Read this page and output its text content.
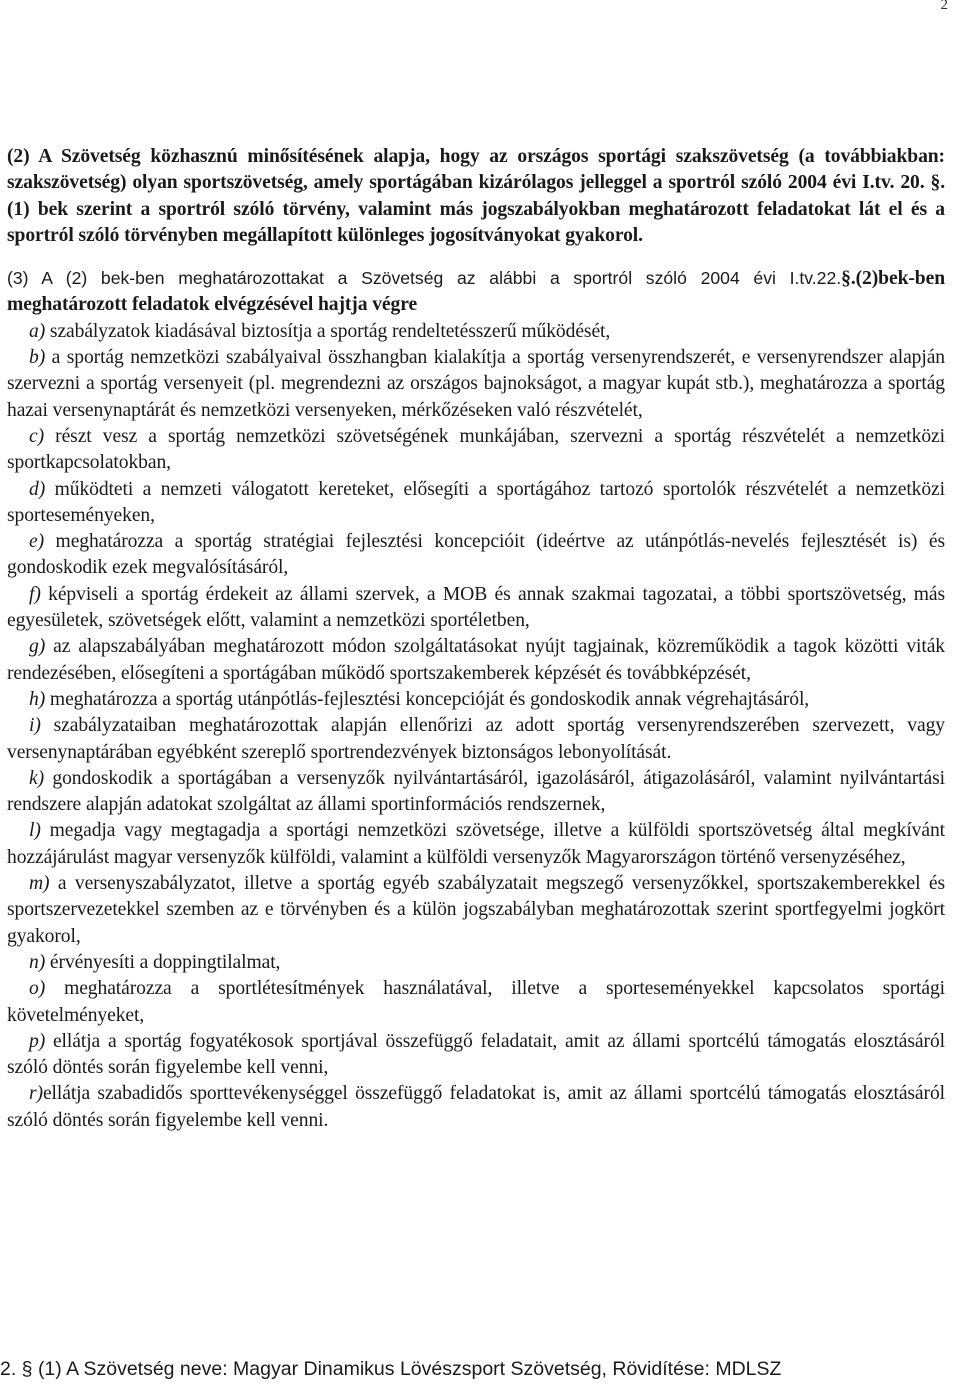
2

(2) A Szövetség közhasznú minősítésének alapja, hogy az országos sportági szakszövetség (a továbbiakban: szakszövetség) olyan sportszövetség, amely sportágában kizárólagos jelleggel a sportról szóló 2004 évi I.tv. 20. §.(1) bek szerint a sportról szóló törvény, valamint más jogszabályokban meghatározott feladatokat lát el és a sportról szóló törvényben megállapított különleges jogosítványokat gyakorol.

(3) A (2) bek-ben meghatározottakat a Szövetség az alábbi a sportról szóló 2004 évi I.tv.22.§.(2)bek-ben meghatározott feladatok elvégzésével hajtja végre

a) szabályzatok kiadásával biztosítja a sportág rendeltetésszerű működését,

b) a sportág nemzetközi szabályaival összhangban kialakítja a sportág versenyrendszerét, e versenyrendszer alapján szervezni a sportág versenyeit (pl. megrendezni az országos bajnokságot, a magyar kupát stb.), meghatározza a sportág hazai versenynaptárát és nemzetközi versenyeken, mérkőzéseken való részvételét,

c) részt vesz a sportág nemzetközi szövetségének munkájában, szervezni a sportág részvételét a nemzetközi sportkapcsolatokban,

d) működteti a nemzeti válogatott kereteket, elősegíti a sportágához tartozó sportolók részvételét a nemzetközi sporteseményeken,

e) meghatározza a sportág stratégiai fejlesztési koncepcióit (ideértve az utánpótlás-nevelés fejlesztését is) és gondoskodik ezek megvalósításáról,

f) képviseli a sportág érdekeit az állami szervek, a MOB és annak szakmai tagozatai, a többi sportszövetség, más egyesületek, szövetségek előtt, valamint a nemzetközi sportéletben,

g) az alapszabályában meghatározott módon szolgáltatásokat nyújt tagjainak, közreműködik a tagok közötti viták rendezésében, elősegíteni a sportágában működő sportszakemberek képzését és továbbképzését,

h) meghatározza a sportág utánpótlás-fejlesztési koncepcióját és gondoskodik annak végrehajtásáról,

i) szabályzataiban meghatározottak alapján ellenőrizi az adott sportág versenyrendszerében szervezett, vagy versenynaptárában egyébként szereplő sportrendezvények biztonságos lebonyolítását.

k) gondoskodik a sportágában a versenyzők nyilvántartásáról, igazolásáról, átigazolásáról, valamint nyilvántartási rendszere alapján adatokat szolgáltat az állami sportinformációs rendszernek,

l) megadja vagy megtagadja a sportági nemzetközi szövetsége, illetve a külföldi sportszövetség által megkívánt hozzájárulást magyar versenyzők külföldi, valamint a külföldi versenyzők Magyarországon történő versenyzéséhez,

m) a versenyszabályzatot, illetve a sportág egyéb szabályzatait megszegő versenyzőkkel, sportszakemberekkel és sportszervezetekkel szemben az e törvényben és a külön jogszabályban meghatározottak szerint sportfegyelmi jogkört gyakorol,

n) érvényesíti a doppingtilalmat,

o) meghatározza a sportlétesítmények használatával, illetve a sporteseményekkel kapcsolatos sportági követelményeket,

p) ellátja a sportág fogyatékosok sportjával összefüggő feladatait, amit az állami sportcélú támogatás elosztásáról szóló döntés során figyelembe kell venni,

r)ellátja szabadidős sporttevékenységgel összefüggő feladatokat is, amit az állami sportcélú támogatás elosztásáról szóló döntés során figyelembe kell venni.

2. § (1) A Szövetség neve: Magyar Dinamikus Lövészsport Szövetség, Rövidítése: MDLSZ
